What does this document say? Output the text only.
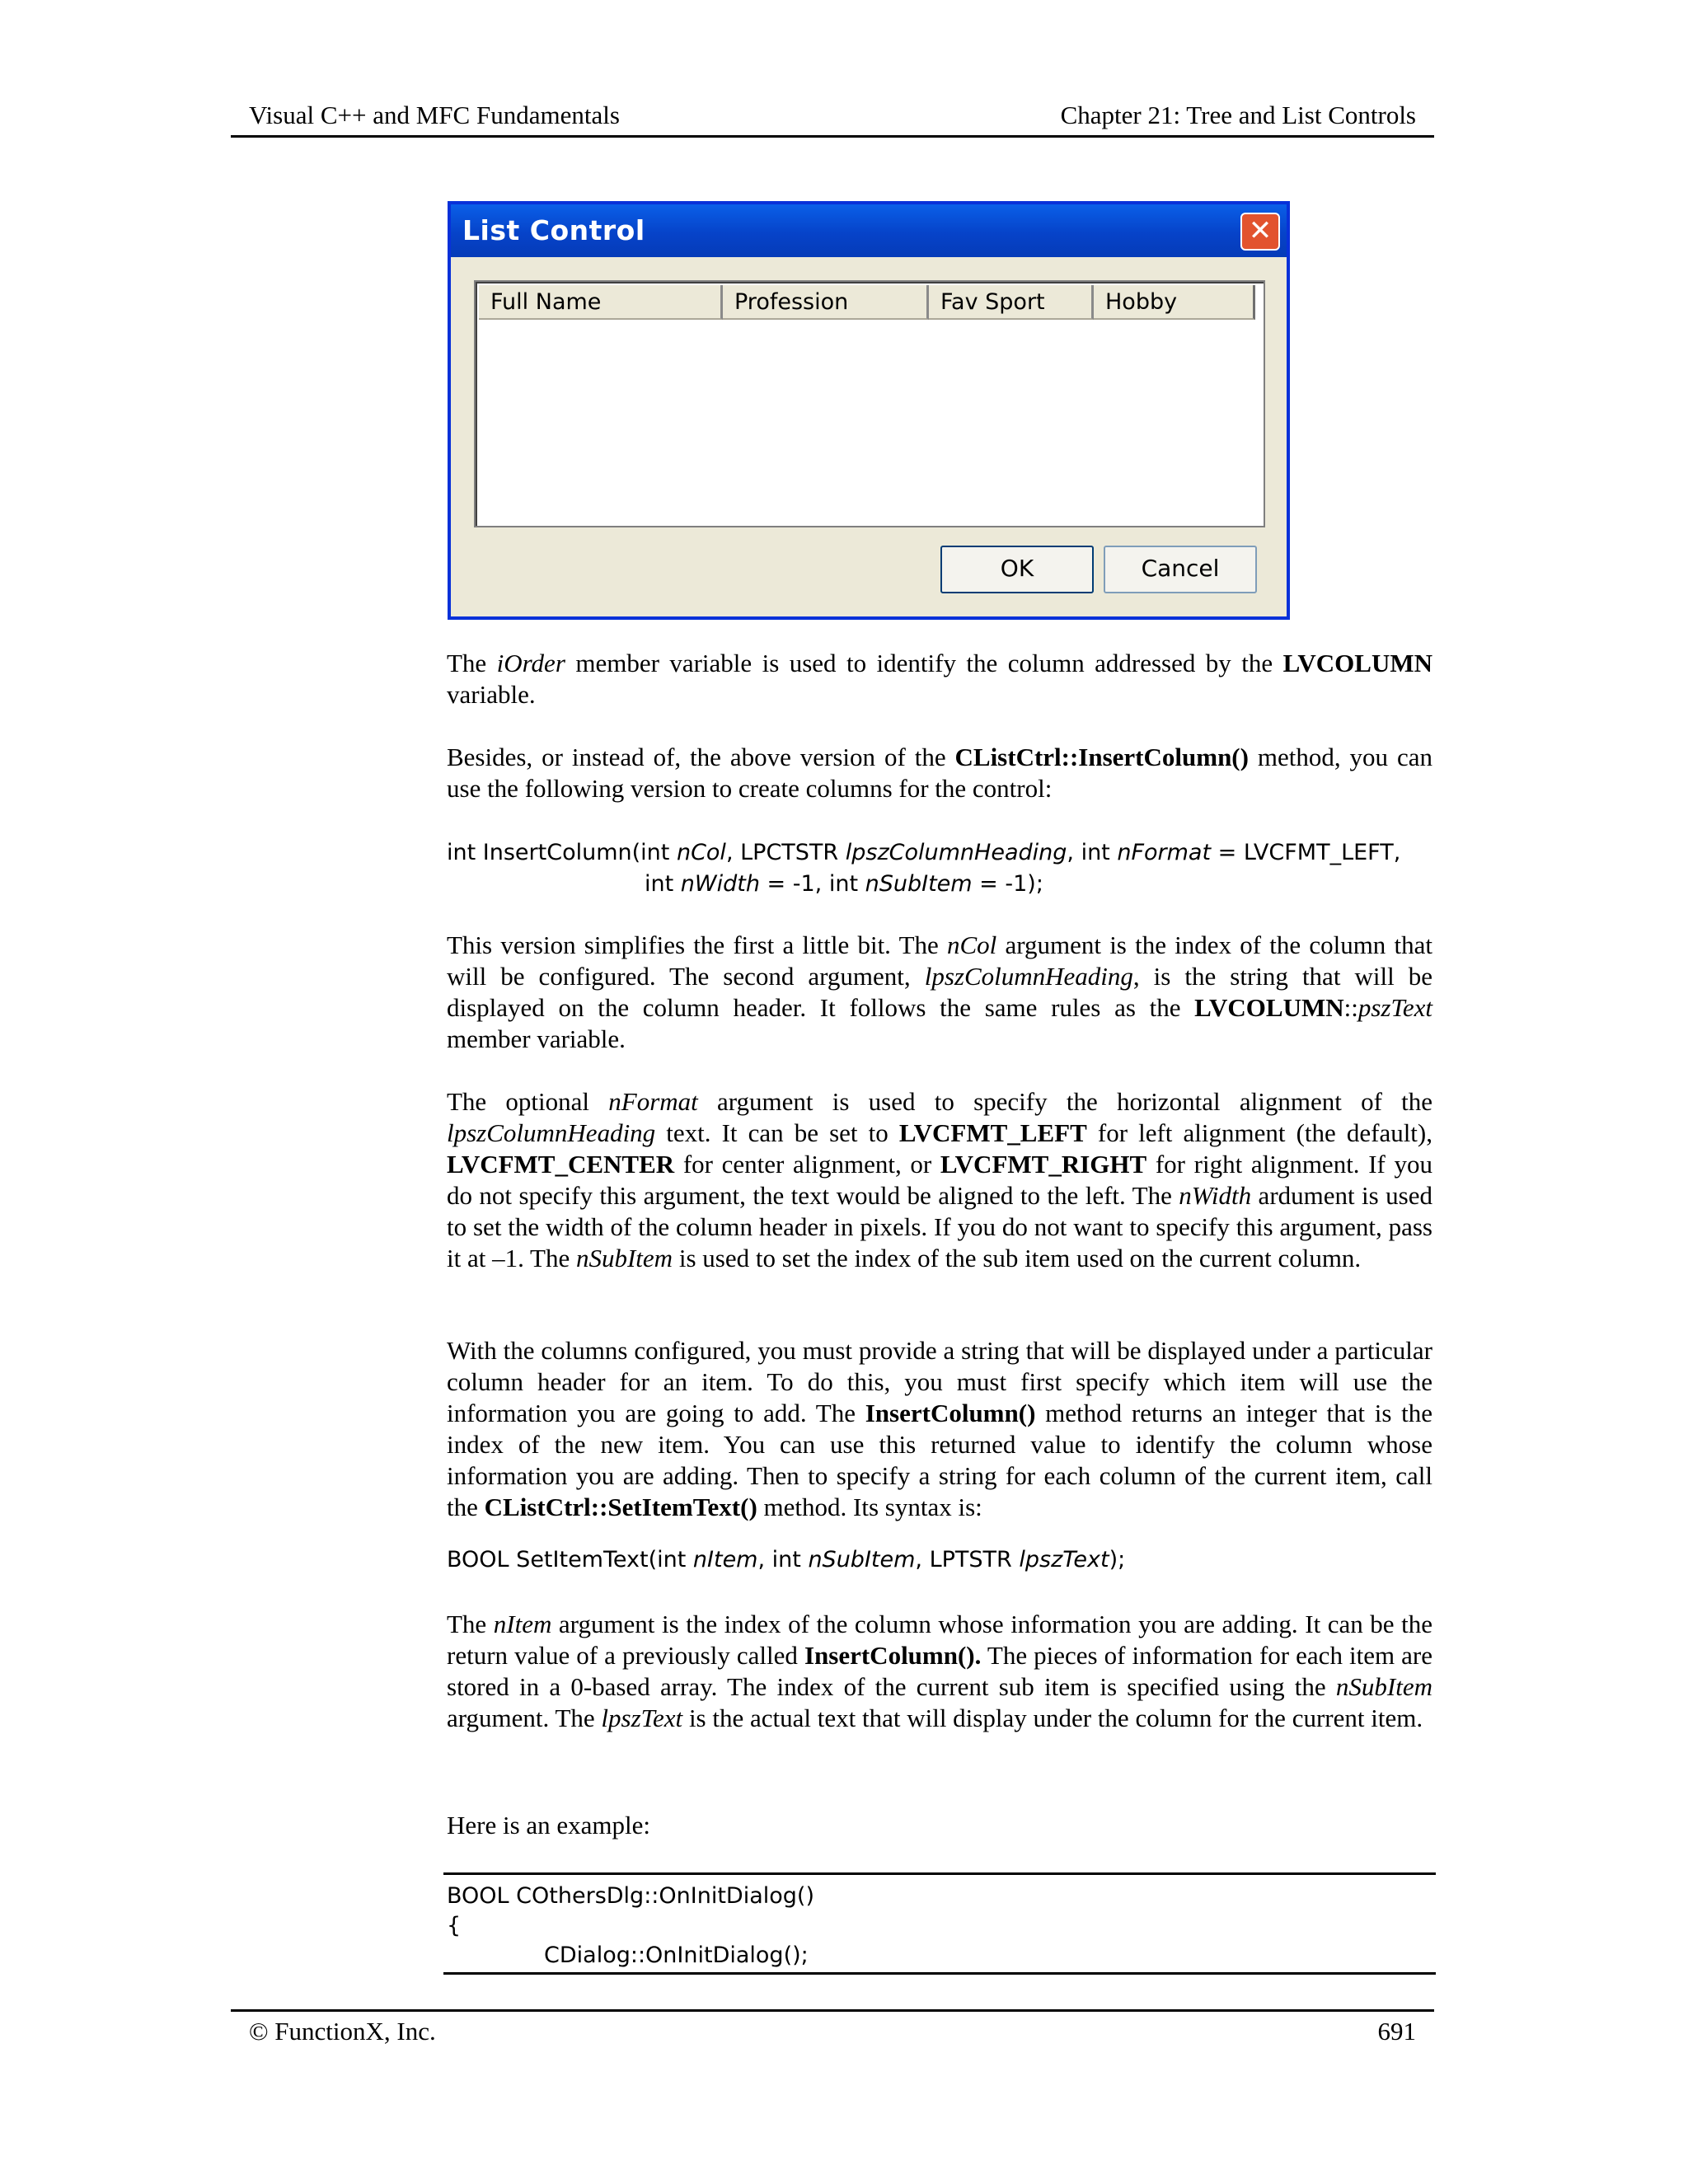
Visual C++ and MFC Fundamentals	Chapter 21: Tree and List Controls
List Control	✕
Full Name	Profession	Fav Sport	Hobby
OK	Cancel
The iOrder member variable is used to identify the column addressed by the LVCOLUMN variable.
Besides, or instead of, the above version of the CListCtrl::InsertColumn() method, you can use the following version to create columns for the control:
int InsertColumn(int nCol, LPCTSTR lpszColumnHeading, int nFormat = LVCFMT_LEFT,
int nWidth = -1, int nSubItem = -1);
This version simplifies the first a little bit. The nCol argument is the index of the column that will be configured. The second argument, lpszColumnHeading, is the string that will be displayed on the column header. It follows the same rules as the LVCOLUMN::pszText member variable.
The optional nFormat argument is used to specify the horizontal alignment of the lpszColumnHeading text. It can be set to LVCFMT_LEFT for left alignment (the default), LVCFMT_CENTER for center alignment, or LVCFMT_RIGHT for right alignment. If you do not specify this argument, the text would be aligned to the left. The nWidth ardument is used to set the width of the column header in pixels. If you do not want to specify this argument, pass it at –1. The nSubItem is used to set the index of the sub item used on the current column.
With the columns configured, you must provide a string that will be displayed under a particular column header for an item. To do this, you must first specify which item will use the information you are going to add. The InsertColumn() method returns an integer that is the index of the new item. You can use this returned value to identify the column whose information you are adding. Then to specify a string for each column of the current item, call the CListCtrl::SetItemText() method. Its syntax is:
BOOL SetItemText(int nItem, int nSubItem, LPTSTR lpszText);
The nItem argument is the index of the column whose information you are adding. It can be the return value of a previously called InsertColumn(). The pieces of information for each item are stored in a 0-based array. The index of the current sub item is specified using the nSubItem argument. The lpszText is the actual text that will display under the column for the current item.
Here is an example:
BOOL COthersDlg::OnInitDialog()
{
CDialog::OnInitDialog();
© FunctionX, Inc.	691
